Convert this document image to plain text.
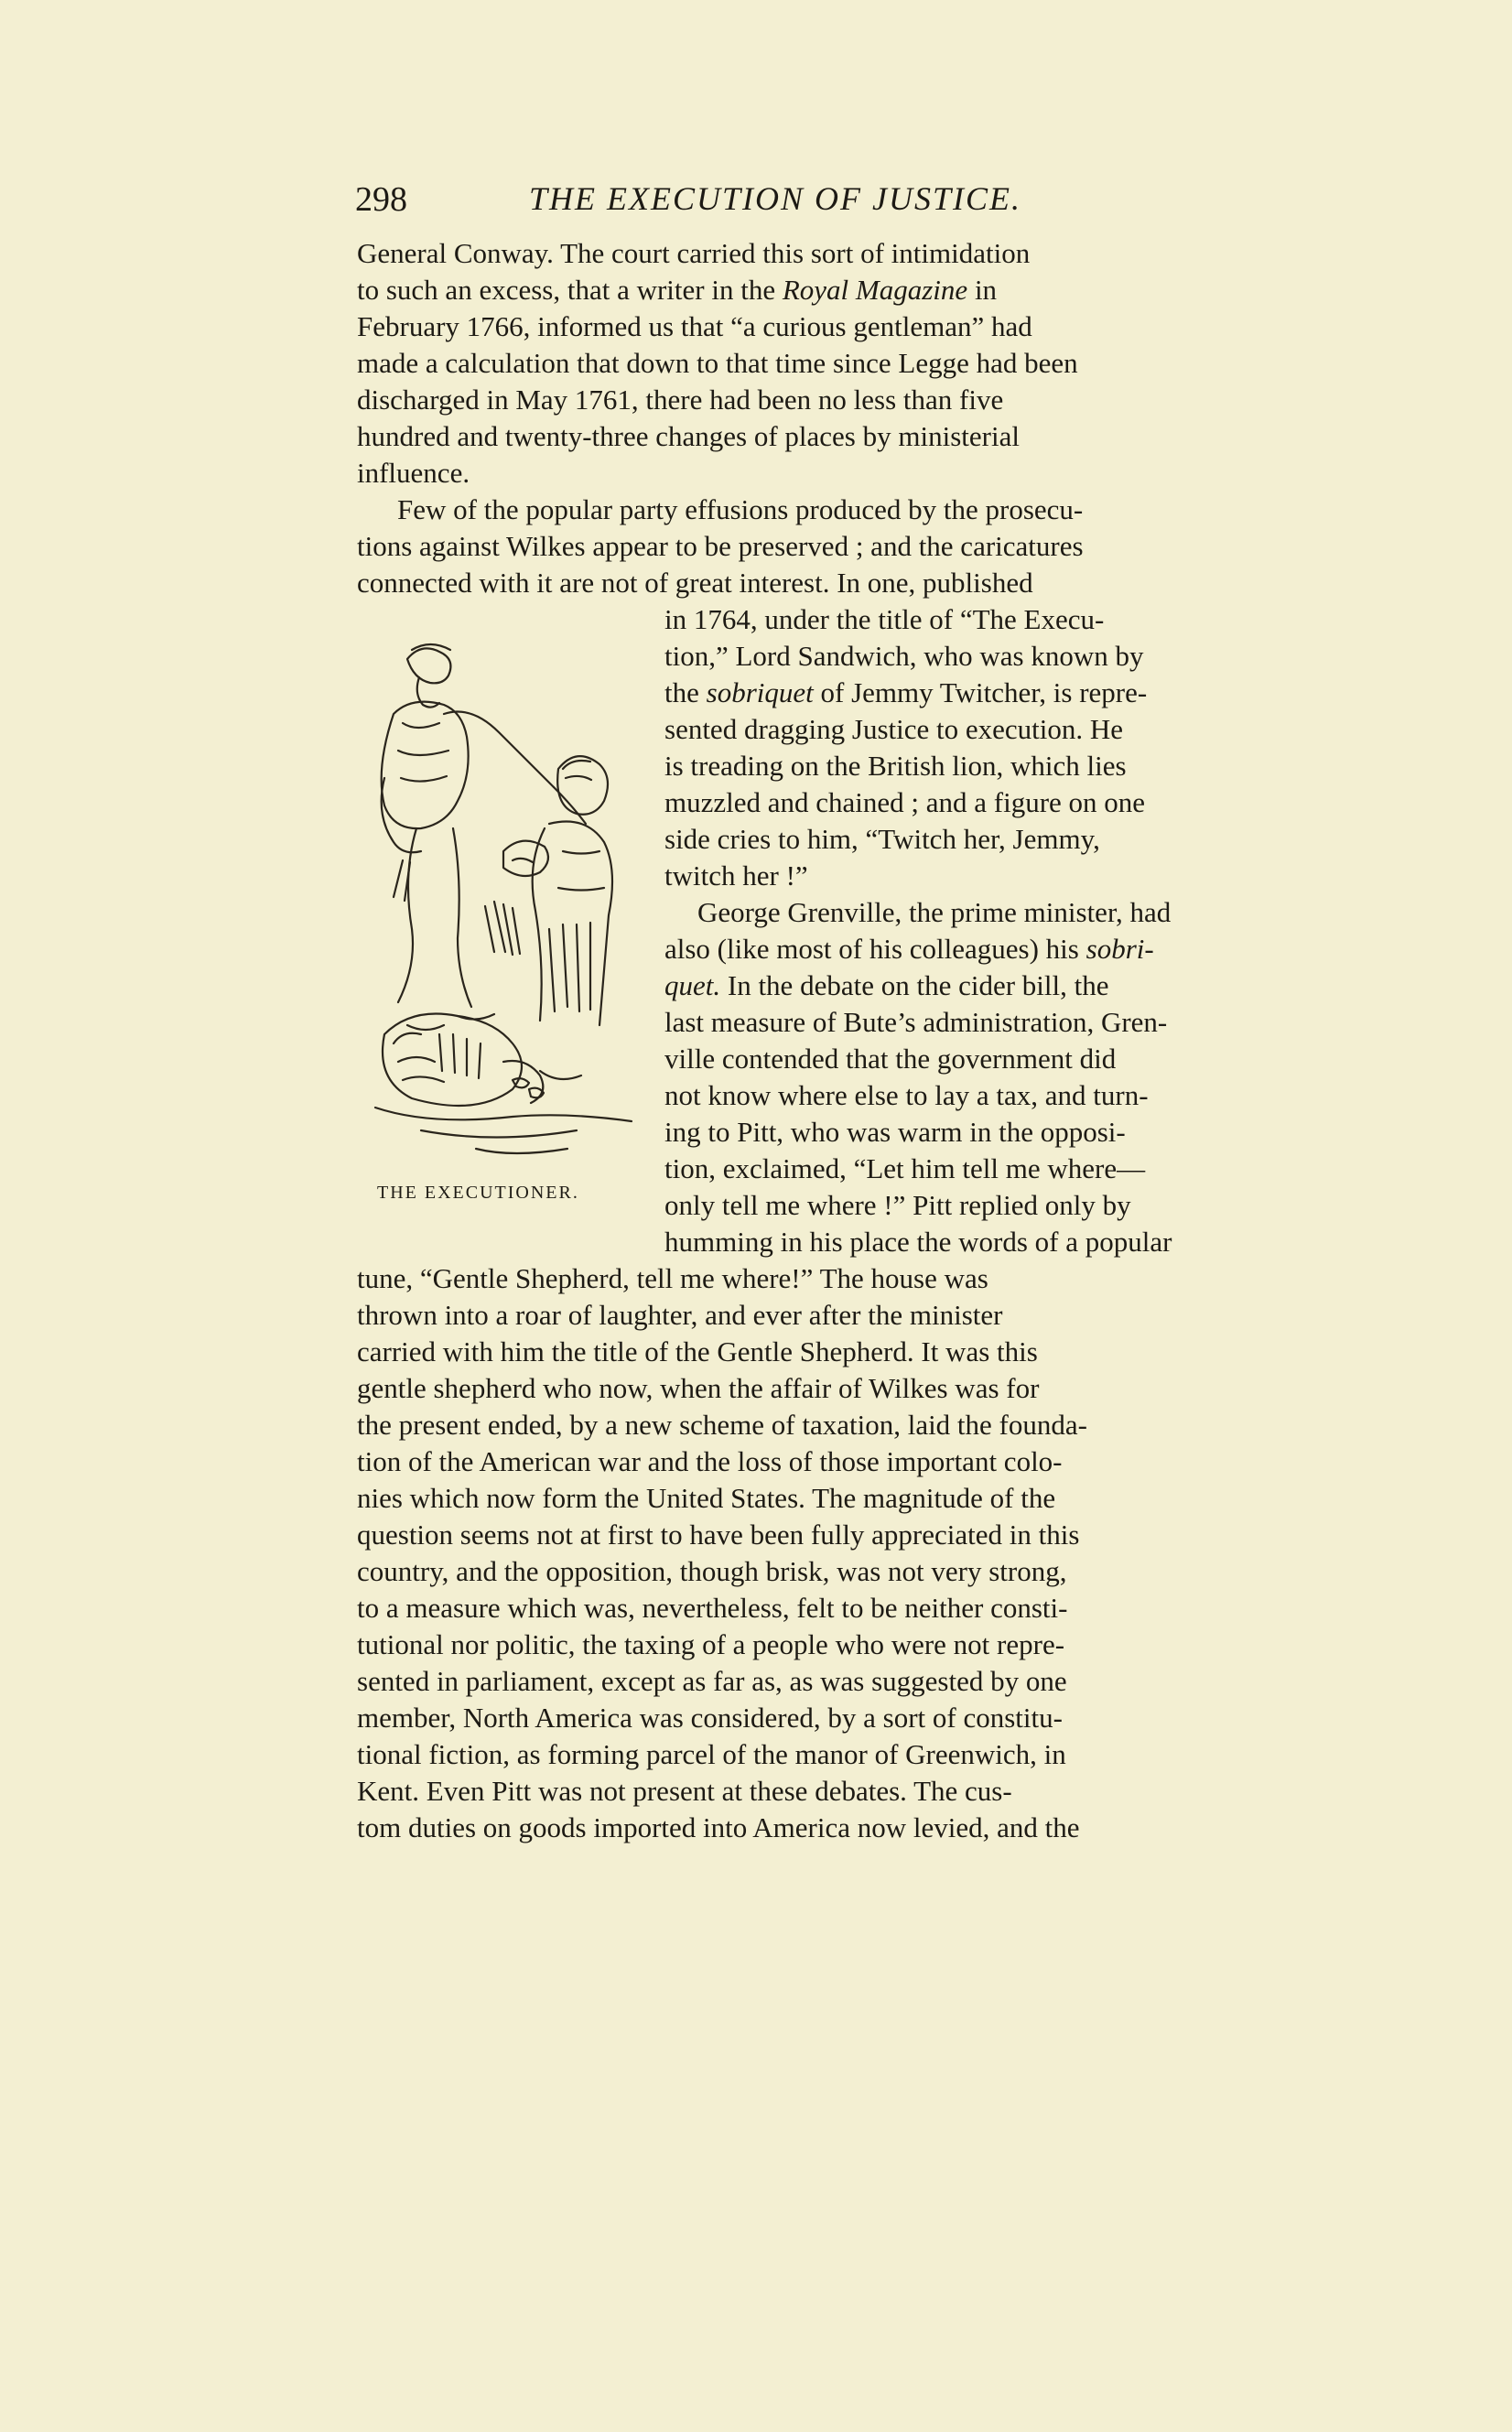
298	THE EXECUTION OF JUSTICE.
General Conway. The court carried this sort of intimidation
to such an excess, that a writer in the Royal Magazine in
February 1766, informed us that “a curious gentleman” had
made a calculation that down to that time since Legge had been
discharged in May 1761, there had been no less than five
hundred and twenty-three changes of places by ministerial
influence.
Few of the popular party effusions produced by the prosecu-
tions against Wilkes appear to be preserved ; and the caricatures
connected with it are not of great interest. In one, published
in 1764, under the title of “The Execu-
tion,” Lord Sandwich, who was known by
the sobriquet of Jemmy Twitcher, is repre-
sented dragging Justice to execution. He
is treading on the British lion, which lies
muzzled and chained ; and a figure on one
side cries to him, “Twitch her, Jemmy,
twitch her !”
George Grenville, the prime minister, had
also (like most of his colleagues) his sobri-
quet. In the debate on the cider bill, the
last measure of Bute’s administration, Gren-
ville contended that the government did
not know where else to lay a tax, and turn-
ing to Pitt, who was warm in the opposi-
tion, exclaimed, “Let him tell me where—
only tell me where !” Pitt replied only by
humming in his place the words of a popular
tune, “Gentle Shepherd, tell me where!” The house was
thrown into a roar of laughter, and ever after the minister
carried with him the title of the Gentle Shepherd. It was this
gentle shepherd who now, when the affair of Wilkes was for
the present ended, by a new scheme of taxation, laid the founda-
tion of the American war and the loss of those important colo-
nies which now form the United States. The magnitude of the
question seems not at first to have been fully appreciated in this
country, and the opposition, though brisk, was not very strong,
to a measure which was, nevertheless, felt to be neither consti-
tutional nor politic, the taxing of a people who were not repre-
sented in parliament, except as far as, as was suggested by one
member, North America was considered, by a sort of constitu-
tional fiction, as forming parcel of the manor of Greenwich, in
Kent. Even Pitt was not present at these debates. The cus-
tom duties on goods imported into America now levied, and the
THE EXECUTIONER.
